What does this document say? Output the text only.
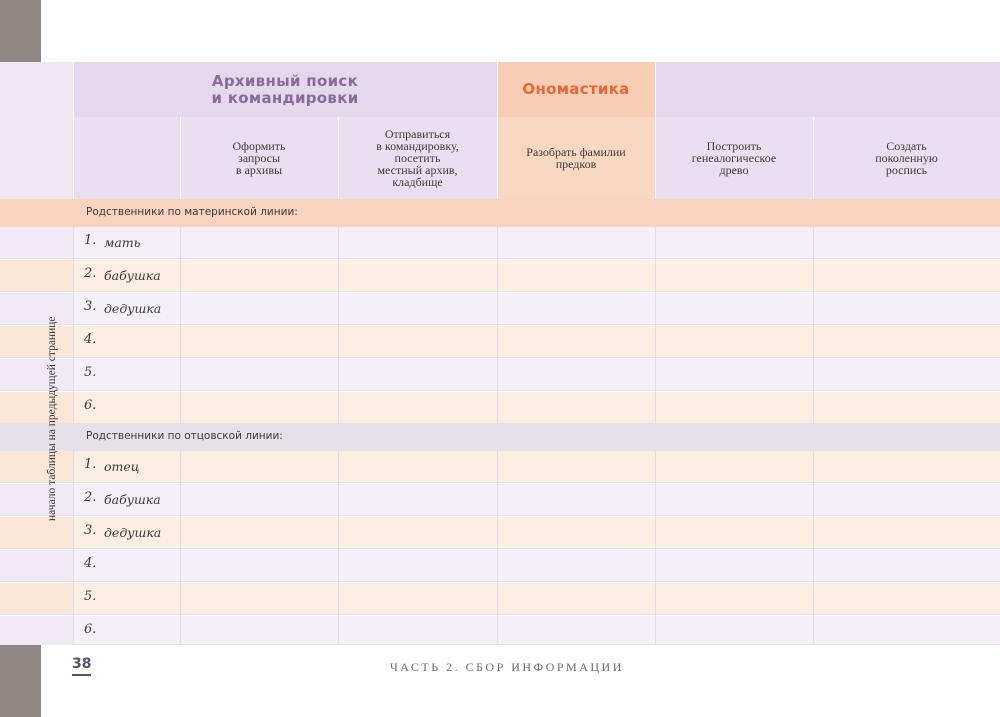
Архивный поиск
и командировки	Ономастика
Оформить
запросы
в архивы
Отправиться
в командировку,
посетить
местный архив,
кладбище
Разобрать фамилии
предков
Построить
генеалогическое
древо
Создать
поколенную
роспись
Родственники по материнской линии:
1. мать
2. бабушка
3. дедушка
4.
5.
6.
Родственники по отцовской линии:
1. отец
2. бабушка
3. дедушка
4.
5.
6.
начало таблицы на предыдущей странице
38	ЧАСТЬ 2. СБОР ИНФОРМАЦИИ
